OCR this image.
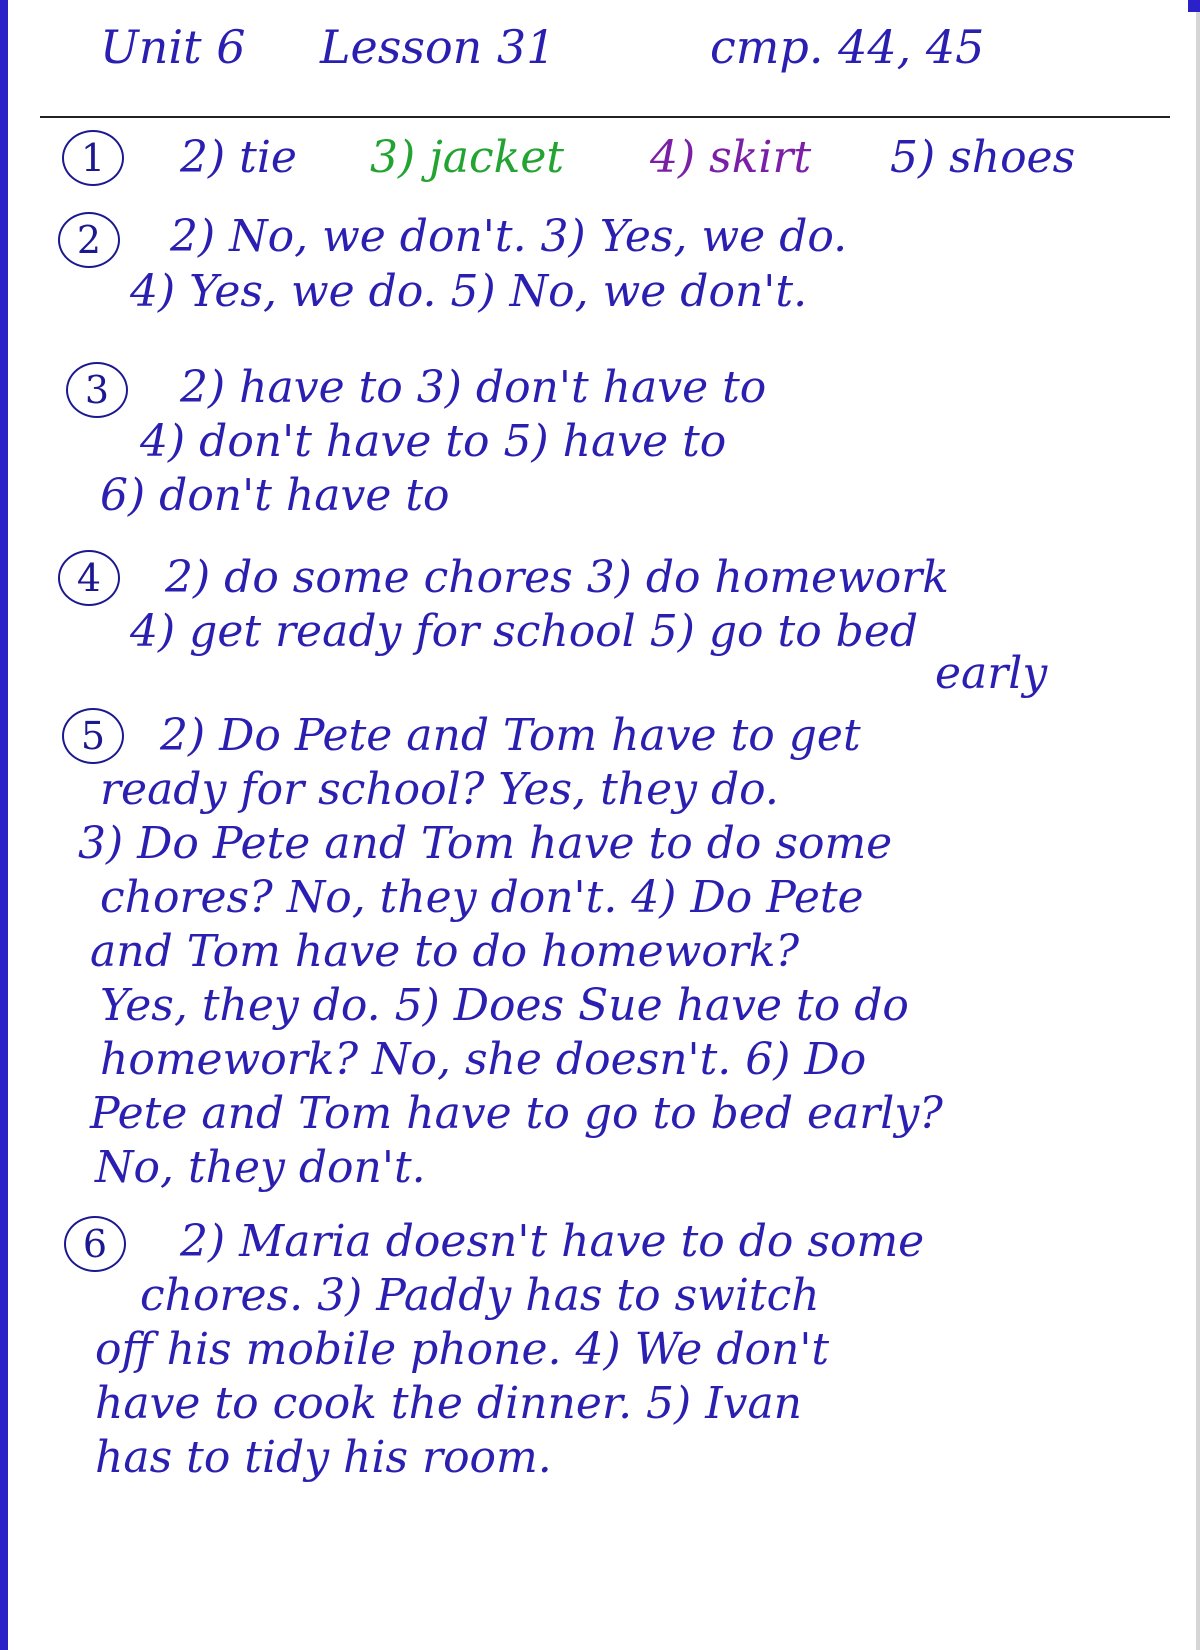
Unit 6 Lesson 31	стр. 44, 45
1	2) tie 3) jacket 4) skirt 5) shoes
2	2) No, we don't. 3) Yes, we do.
4) Yes, we do. 5) No, we don't.
3	2) have to 3) don't have to
4) don't have to 5) have to
6) don't have to
4	2) do some chores 3) do homework
4) get ready for school 5) go to bed
early
5	2) Do Pete and Tom have to get
ready for school? Yes, they do.
3) Do Pete and Tom have to do some
chores? No, they don't. 4) Do Pete
and Tom have to do homework?
Yes, they do. 5) Does Sue have to do
homework? No, she doesn't. 6) Do
Pete and Tom have to go to bed early?
No, they don't.
6	2) Maria doesn't have to do some
chores. 3) Paddy has to switch
off his mobile phone. 4) We don't
have to cook the dinner. 5) Ivan
has to tidy his room.
